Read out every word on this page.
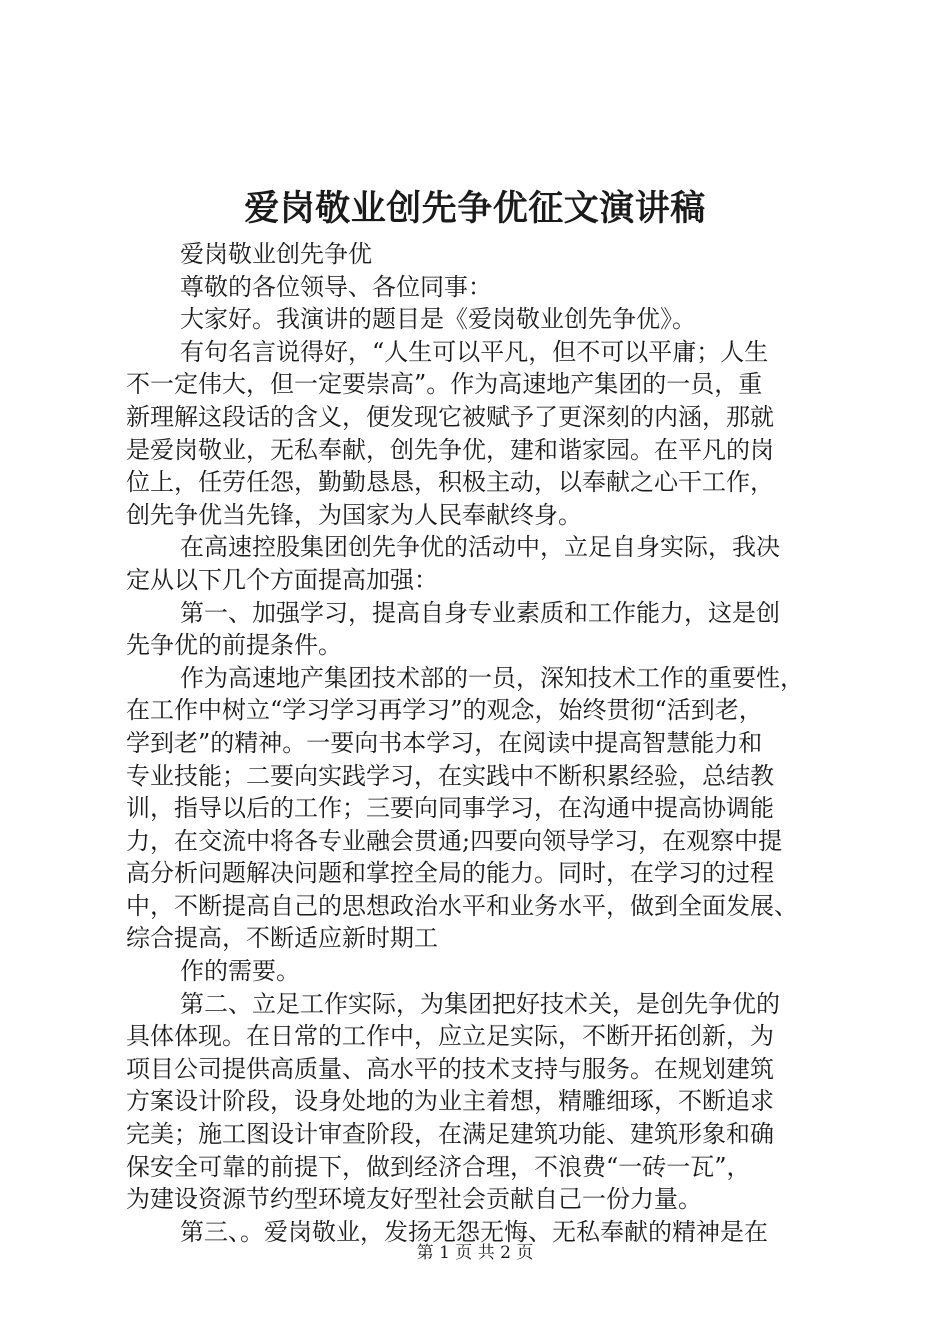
爱岗敬业创先争优征文演讲稿
爱岗敬业创先争优
尊敬的各位领导、各位同事：
大家好。我演讲的题目是《爱岗敬业创先争优》。
有句名言说得好，“人生可以平凡，但不可以平庸；人生
不一定伟大，但一定要崇高”。作为高速地产集团的一员，重
新理解这段话的含义，便发现它被赋予了更深刻的内涵，那就
是爱岗敬业，无私奉献，创先争优，建和谐家园。在平凡的岗
位上，任劳任怨，勤勤恳恳，积极主动，以奉献之心干工作，
创先争优当先锋，为国家为人民奉献终身。
在高速控股集团创先争优的活动中，立足自身实际，我决
定从以下几个方面提高加强：
第一、加强学习，提高自身专业素质和工作能力，这是创
先争优的前提条件。
作为高速地产集团技术部的一员，深知技术工作的重要性，
在工作中树立“学习学习再学习”的观念，始终贯彻“活到老，
学到老”的精神。一要向书本学习，在阅读中提高智慧能力和
专业技能；二要向实践学习，在实践中不断积累经验，总结教
训，指导以后的工作；三要向同事学习，在沟通中提高协调能
力，在交流中将各专业融会贯通;四要向领导学习，在观察中提
高分析问题解决问题和掌控全局的能力。同时，在学习的过程
中，不断提高自己的思想政治水平和业务水平，做到全面发展、
综合提高，不断适应新时期工
作的需要。
第二、立足工作实际，为集团把好技术关，是创先争优的
具体体现。在日常的工作中，应立足实际，不断开拓创新，为
项目公司提供高质量、高水平的技术支持与服务。在规划建筑
方案设计阶段，设身处地的为业主着想，精雕细琢，不断追求
完美；施工图设计审查阶段，在满足建筑功能、建筑形象和确
保安全可靠的前提下，做到经济合理，不浪费“一砖一瓦”，
为建设资源节约型环境友好型社会贡献自己一份力量。
第三、。爱岗敬业，发扬无怨无悔、无私奉献的精神是在
第 1 页 共 2 页
